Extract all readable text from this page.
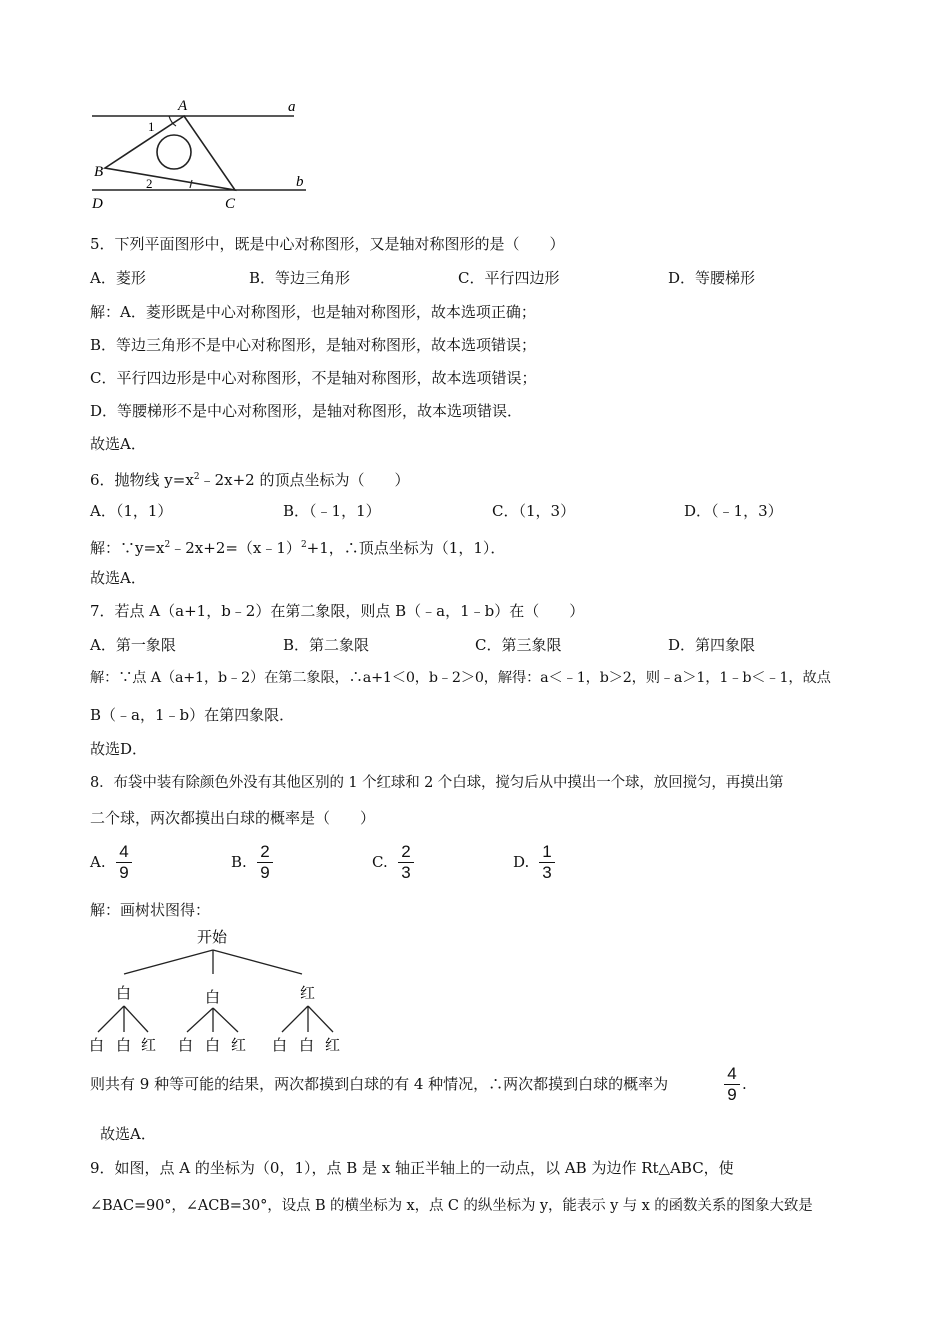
A	a
1
B
2	b
D	C
5．下列平面图形中，既是中心对称图形，又是轴对称图形的是（　　）
A．菱形	B．等边三角形	C．平行四边形	D．等腰梯形
解：A．菱形既是中心对称图形，也是轴对称图形，故本选项正确；
B．等边三角形不是中心对称图形，是轴对称图形，故本选项错误；
C．平行四边形是中心对称图形，不是轴对称图形，故本选项错误；
D．等腰梯形不是中心对称图形，是轴对称图形，故本选项错误．
故选A．
6．抛物线 $y=x^2﹣2x+2$ 的顶点坐标为（　　）
A．（1，1）	B．（﹣1，1）	C．（1，3）	D．（﹣1，3）
解：$\because y=x^2﹣2x+2=(x﹣1)^2+1$，∴顶点坐标为（1，1）．
故选A．
7．若点 A（a+1，b﹣2）在第二象限，则点 B（﹣a，1﹣b）在（　　）
A．第一象限	B．第二象限	C．第三象限	D．第四象限
解：∵点 A（a+1，b﹣2）在第二象限，∴a+1＜0，b﹣2＞0，解得：a＜﹣1，b＞2，则﹣a＞1，1﹣b＜﹣1，故点
B（﹣a，1﹣b）在第四象限．
故选D．
8．布袋中装有除颜色外没有其他区别的 1 个红球和 2 个白球，搅匀后从中摸出一个球，放回搅匀，再摸出第
二个球，两次都摸出白球的概率是（　　）
A.
4
9
B.
2
9
C.
2
3
D.
1
3
解：画树状图得：
开始
白	白	红
白 白 红 白 白 红 白 白 红
则共有 9 种等可能的结果，两次都摸到白球的有 4 种情况，∴两次都摸到白球的概率为
4
9
.
故选A．
9．如图，点 A 的坐标为（0，1），点 B 是 x 轴正半轴上的一动点，以 AB 为边作 Rt△ABC，使
∠BAC=90°，∠ACB=30°，设点 B 的横坐标为 x，点 C 的纵坐标为 y，能表示 y 与 x 的函数关系的图象大致是
